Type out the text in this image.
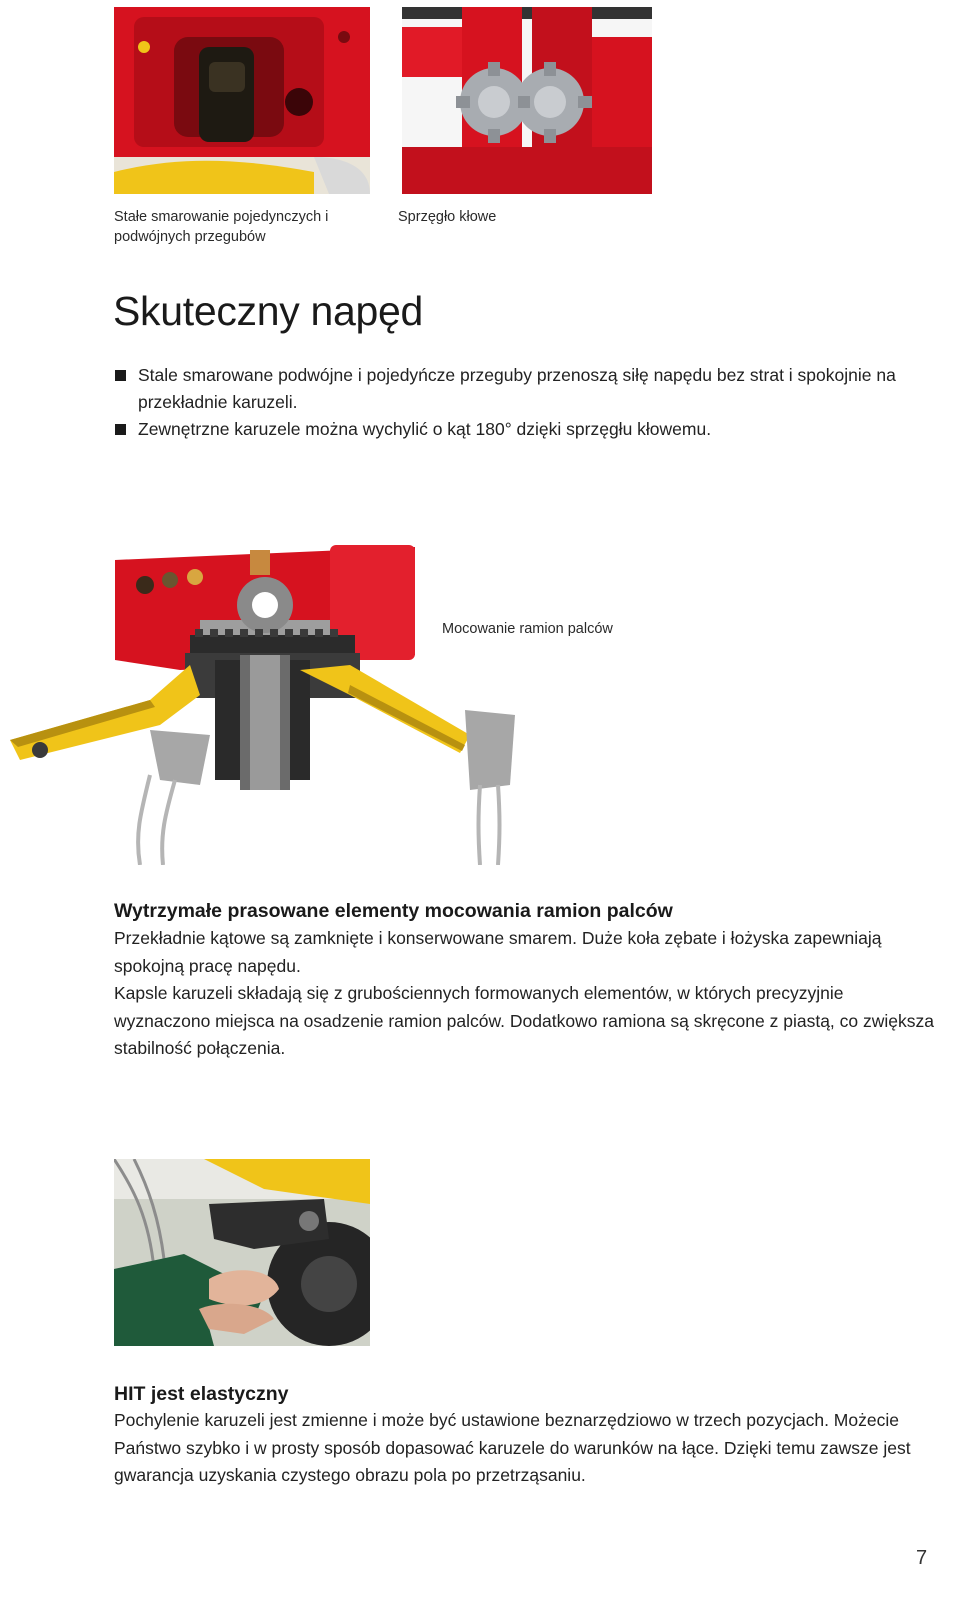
Stałe smarowanie pojedynczych i podwójnych przegubów
Sprzęgło kłowe
Skuteczny napęd
Stale smarowane podwójne i pojedyńcze przeguby przenoszą siłę napędu bez strat i spokojnie na przekładnie karuzeli.
Zewnętrzne karuzele można wychylić o kąt 180° dzięki sprzęgłu kłowemu.
Mocowanie ramion palców
Wytrzymałe prasowane elementy mocowania ramion palców

Przekładnie kątowe są zamknięte i konserwowane smarem. Duże koła zębate i łożyska zapewniają spokojną pracę napędu.

Kapsle karuzeli składają się z grubościennych formowanych elementów, w których precyzyjnie wyznaczono miejsca na osadzenie ramion palców. Dodatkowo ramiona są skręcone z piastą, co zwiększa stabilność połączenia.

HIT jest elastyczny

Pochylenie karuzeli jest zmienne i może być ustawione beznarzędziowo w trzech pozycjach. Możecie Państwo szybko i w prosty sposób dopasować karuzele do warunków na łące. Dzięki temu zawsze jest gwarancja uzyskania czystego obrazu pola po przetrząsaniu.

7
